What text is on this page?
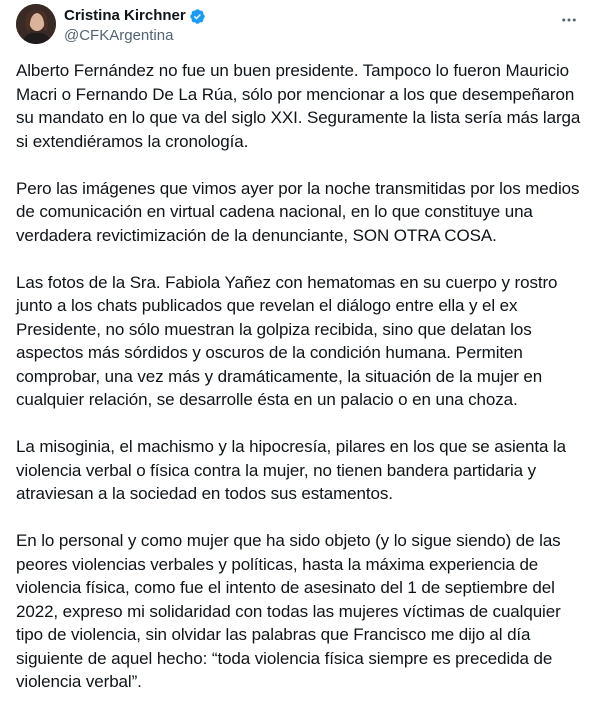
Cristina Kirchner
@CFKArgentina

Alberto Fernández no fue un buen presidente. Tampoco lo fueron Mauricio Macri o Fernando De La Rúa, sólo por mencionar a los que desempeñaron su mandato en lo que va del siglo XXI. Seguramente la lista sería más larga si extendiéramos la cronología.

Pero las imágenes que vimos ayer por la noche transmitidas por los medios de comunicación en virtual cadena nacional, en lo que constituye una verdadera revictimización de la denunciante, SON OTRA COSA.

Las fotos de la Sra. Fabiola Yañez con hematomas en su cuerpo y rostro junto a los chats publicados que revelan el diálogo entre ella y el ex Presidente, no sólo muestran la golpiza recibida, sino que delatan los aspectos más sórdidos y oscuros de la condición humana. Permiten comprobar, una vez más y dramáticamente, la situación de la mujer en cualquier relación, se desarrolle ésta en un palacio o en una choza.

La misoginia, el machismo y la hipocresía, pilares en los que se asienta la violencia verbal o física contra la mujer, no tienen bandera partidaria y atraviesan a la sociedad en todos sus estamentos.

En lo personal y como mujer que ha sido objeto (y lo sigue siendo) de las peores violencias verbales y políticas, hasta la máxima experiencia de violencia física, como fue el intento de asesinato del 1 de septiembre del 2022, expreso mi solidaridad con todas las mujeres víctimas de cualquier tipo de violencia, sin olvidar las palabras que Francisco me dijo al día siguiente de aquel hecho: “toda violencia física siempre es precedida de violencia verbal”.
